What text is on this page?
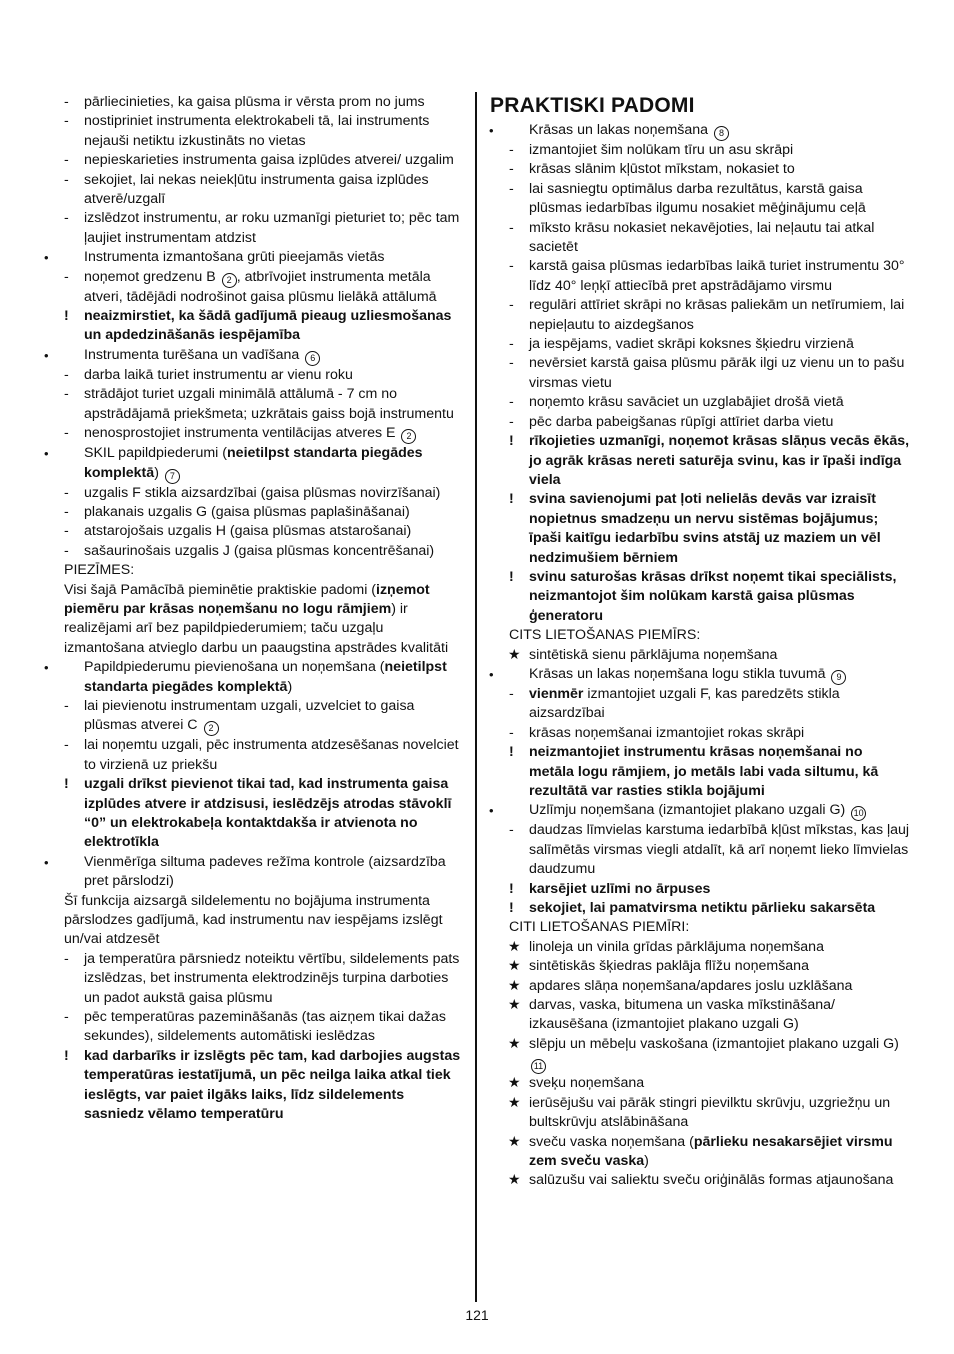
-	pārliecinieties, ka gaisa plūsma ir vērsta prom no jums
-	nostipriniet instrumenta elektrokabeli tā, lai instruments nejauši netiktu izkustināts no vietas
-	nepieskarieties instrumenta gaisa izplūdes atverei/ uzgalim
-	sekojiet, lai nekas neiekļūtu instrumenta gaisa izplūdes atverē/uzgalī
-	izslēdzot instrumentu, ar roku uzmanīgi pieturiet to; pēc tam ļaujiet instrumentam atdzist
•	Instrumenta izmantošana grūti pieejamās vietās
-	noņemot gredzenu B 2 , atbrīvojiet instrumenta metāla atveri, tādējādi nodrošinot gaisa plūsmu lielākā attālumā
!	neaizmirstiet, ka šādā gadījumā pieaug uzliesmošanas un apdedzināšanās iespējamība
•	Instrumenta turēšana un vadīšana 6
-	darba laikā turiet instrumentu ar vienu roku
-	strādājot turiet uzgali minimālā attālumā - 7 cm no apstrādājamā priekšmeta; uzkrātais gaiss bojā instrumentu
-	nenosprostojiet instrumenta ventilācijas atveres E 2
•	SKIL papildpiederumi (neietilpst standarta piegādes komplektā) 7
-	uzgalis F stikla aizsardzībai (gaisa plūsmas novirzīšanai)
-	plakanais uzgalis G (gaisa plūsmas paplašināšanai)
-	atstarojošais uzgalis H (gaisa plūsmas atstarošanai)
-	sašaurinošais uzgalis J (gaisa plūsmas koncentrēšanai)
PIEZĪMES:
Visi šajā Pamācībā pieminētie praktiskie padomi (izņemot piemēru par krāsas noņemšanu no logu rāmjiem) ir realizējami arī bez papildpiederumiem; taču uzgaļu izmantošana atvieglo darbu un paaugstina apstrādes kvalitāti
•	Papildpiederumu pievienošana un noņemšana (neietilpst standarta piegādes komplektā)
-	lai pievienotu instrumentam uzgali, uzvelciet to gaisa plūsmas atverei C 2
-	lai noņemtu uzgali, pēc instrumenta atdzesēšanas novelciet to virzienā uz priekšu
!	uzgali drīkst pievienot tikai tad, kad instrumenta gaisa izplūdes atvere ir atdzisusi, ieslēdzējs atrodas stāvoklī “0” un elektrokabeļa kontaktdakša ir atvienota no elektrotīkla
•	Vienmērīga siltuma padeves režīma kontrole (aizsardzība pret pārslodzi)
Šī funkcija aizsargā sildelementu no bojājuma instrumenta pārslodzes gadījumā, kad instrumentu nav iespējams izslēgt un/vai atdzesēt
-	ja temperatūra pārsniedz noteiktu vērtību, sildelements pats izslēdzas, bet instrumenta elektrodzinējs turpina darboties un padot aukstā gaisa plūsmu
-	pēc temperatūras pazemināšanās (tas aizņem tikai dažas sekundes), sildelements automātiski ieslēdzas
!	kad darbarīks ir izslēgts pēc tam, kad darbojies augstas temperatūras iestatījumā, un pēc neilga laika atkal tiek ieslēgts, var paiet ilgāks laiks, līdz sildelements sasniedz vēlamo temperatūru
PRAKTISKI PADOMI
•	Krāsas un lakas noņemšana 8
-	izmantojiet šim nolūkam tīru un asu skrāpi
-	krāsas slānim kļūstot mīkstam, nokasiet to
-	lai sasniegtu optimālus darba rezultātus, karstā gaisa plūsmas iedarbības ilgumu nosakiet mēģinājumu ceļā
-	mīksto krāsu nokasiet nekavējoties, lai neļautu tai atkal sacietēt
-	karstā gaisa plūsmas iedarbības laikā turiet instrumentu 30° līdz 40° leņķī attiecībā pret apstrādājamo virsmu
-	regulāri attīriet skrāpi no krāsas paliekām un netīrumiem, lai nepieļautu to aizdegšanos
-	ja iespējams, vadiet skrāpi koksnes šķiedru virzienā
-	nevērsiet karstā gaisa plūsmu pārāk ilgi uz vienu un to pašu virsmas vietu
-	noņemto krāsu savāciet un uzglabājiet drošā vietā
-	pēc darba pabeigšanas rūpīgi attīriet darba vietu
!	rīkojieties uzmanīgi, noņemot krāsas slāņus vecās ēkās, jo agrāk krāsas nereti saturēja svinu, kas ir īpaši indīga viela
!	svina savienojumi pat ļoti nelielās devās var izraisīt nopietnus smadzeņu un nervu sistēmas bojājumus; īpaši kaitīgu iedarbību svins atstāj uz maziem un vēl nedzimušiem bērniem
!	svinu saturošas krāsas drīkst noņemt tikai speciālists, neizmantojot šim nolūkam karstā gaisa plūsmas ģeneratoru
CITS LIETOŠANAS PIEMĪRS:
★ sintētiskā sienu pārklājuma noņemšana
•	Krāsas un lakas noņemšana logu stikla tuvumā 9
-	vienmēr izmantojiet uzgali F, kas paredzēts stikla aizsardzībai
-	krāsas noņemšanai izmantojiet rokas skrāpi
!	neizmantojiet instrumentu krāsas noņemšanai no metāla logu rāmjiem, jo metāls labi vada siltumu, kā rezultātā var rasties stikla bojājumi
•	Uzlīmju noņemšana (izmantojiet plakano uzgali G) 10
-	daudzas līmvielas karstuma iedarbībā kļūst mīkstas, kas ļauj salīmētās virsmas viegli atdalīt, kā arī noņemt lieko līmvielas daudzumu
!	karsējiet uzlīmi no ārpuses
!	sekojiet, lai pamatvirsma netiktu pārlieku sakarsēta
CITI LIETOŠANAS PIEMĪRI:
★ linoleja un vinila grīdas pārklājuma noņemšana
★ sintētiskās šķiedras paklāja flīžu noņemšana
★ apdares slāņa noņemšana/apdares joslu uzklāšana
★ darvas, vaska, bitumena un vaska mīkstināšana/ izkausēšana (izmantojiet plakano uzgali G)
★ slēpju un mēbeļu vaskošana (izmantojiet plakano uzgali G) 11
★ sveķu noņemšana
★ ierūsējušu vai pārāk stingri pievilktu skrūvju, uzgriežņu un bultskrūvju atslābināšana
★ sveču vaska noņemšana (pārlieku nesakarsējiet virsmu zem sveču vaska)
★ salūzušu vai saliektu sveču oriģinālās formas atjaunošana
121
